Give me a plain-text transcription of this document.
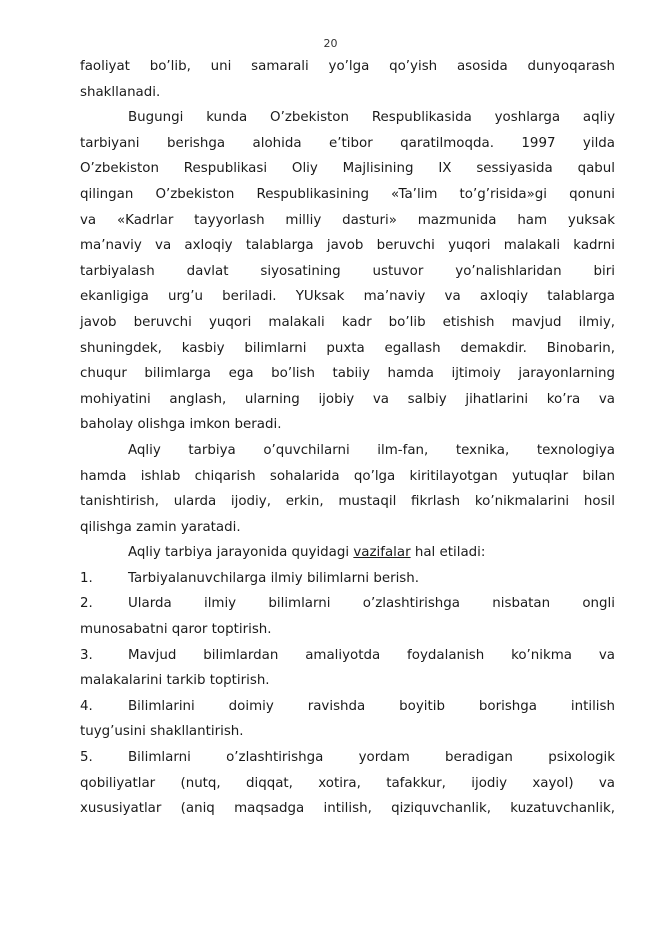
20

faoliyat bo’lib, uni samarali yo’lga qo’yish asosida dunyoqarash

shakllanadi.

Bugungi kunda O’zbekiston Respublikasida yoshlarga aqliy

tarbiyani berishga alohida e’tibor qaratilmoqda. 1997 yilda

O’zbekiston Respublikasi Oliy Majlisining IX sessiyasida qabul

qilingan O’zbekiston Respublikasining «Ta’lim to’g’risida»gi qonuni

va «Kadrlar tayyorlash milliy dasturi» mazmunida ham yuksak

ma’naviy va axloqiy talablarga javob beruvchi yuqori malakali kadrni

tarbiyalash davlat siyosatining ustuvor yo’nalishlaridan biri

ekanligiga urg’u beriladi. YUksak ma’naviy va axloqiy talablarga

javob beruvchi yuqori malakali kadr bo’lib etishish mavjud ilmiy,

shuningdek, kasbiy bilimlarni puxta egallash demakdir. Binobarin,

chuqur bilimlarga ega bo’lish tabiiy hamda ijtimoiy jarayonlarning

mohiyatini anglash, ularning ijobiy va salbiy jihatlarini ko’ra va

baholay olishga imkon beradi.

Aqliy tarbiya o’quvchilarni ilm-fan, texnika, texnologiya

hamda ishlab chiqarish sohalarida qo’lga kiritilayotgan yutuqlar bilan

tanishtirish, ularda ijodiy, erkin, mustaqil fikrlash ko’nikmalarini hosil

qilishga zamin yaratadi.

Aqliy tarbiya jarayonida quyidagi vazifalar hal etiladi:

1.	Tarbiyalanuvchilarga ilmiy bilimlarni berish.

2.	Ularda ilmiy bilimlarni o’zlashtirishga nisbatan ongli

munosabatni qaror toptirish.

3.	Mavjud bilimlardan amaliyotda foydalanish ko’nikma va

malakalarini tarkib toptirish.

4.	Bilimlarini doimiy ravishda boyitib borishga intilish

tuyg’usini shakllantirish.

5.	Bilimlarni o’zlashtirishga yordam beradigan psixologik

qobiliyatlar (nutq, diqqat, xotira, tafakkur, ijodiy xayol) va

xususiyatlar (aniq maqsadga intilish, qiziquvchanlik, kuzatuvchanlik,
